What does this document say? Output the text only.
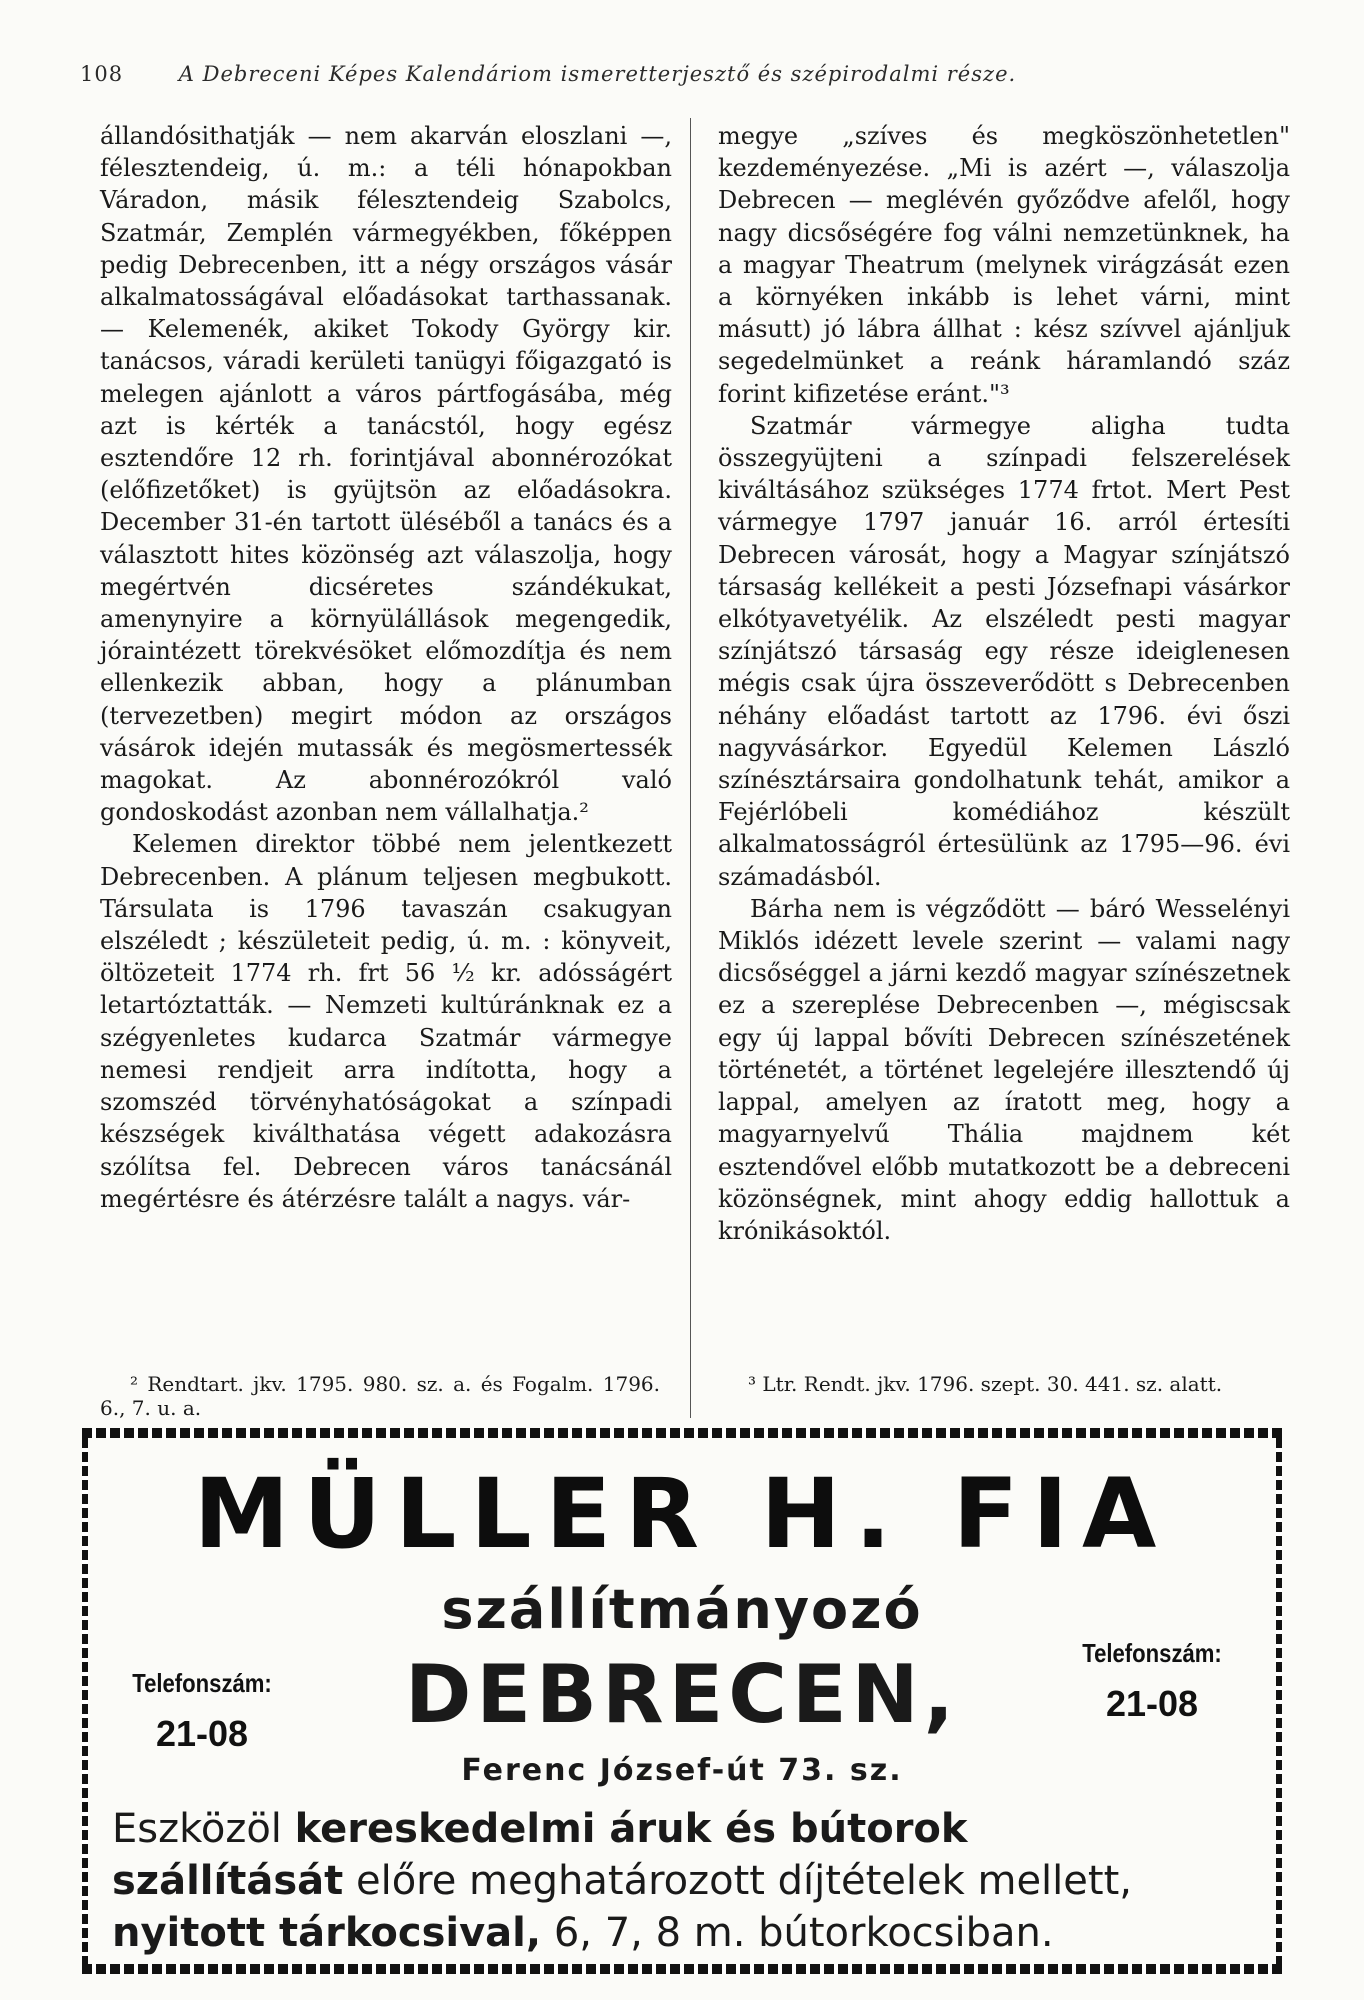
108	A Debreceni Képes Kalendáriom ismeretterjesztő és szépirodalmi része.

állandósithatják — nem akarván eloszlani —, félesztendeig, ú. m.: a téli hónapokban Váradon, másik félesztendeig Szabolcs, Szatmár, Zemplén vármegyékben, főképpen pedig Debrecenben, itt a négy országos vásár alkalmatosságával előadásokat tarthassanak. — Kelemenék, akiket Tokody György kir. tanácsos, váradi kerületi tanügyi főigazgató is melegen ajánlott a város pártfogásába, még azt is kérték a tanácstól, hogy egész esztendőre 12 rh. forintjával abonnérozókat (előfizetőket) is gyüjtsön az előadásokra. December 31-én tartott üléséből a tanács és a választott hites közönség azt válaszolja, hogy megértvén dicséretes szándékukat, amenynyire a környülállások megengedik, jóraintézett törekvésöket előmozdítja és nem ellenkezik abban, hogy a plánumban (tervezetben) megirt módon az országos vásárok idején mutassák és megösmertessék magokat. Az abonnérozókról való gondoskodást azonban nem vállalhatja.²

Kelemen direktor többé nem jelentkezett Debrecenben. A plánum teljesen megbukott. Társulata is 1796 tavaszán csakugyan elszéledt ; készületeit pedig, ú. m. : könyveit, öltözeteit 1774 rh. frt 56 ½ kr. adósságért letartóztatták. — Nemzeti kultúránknak ez a szégyenletes kudarca Szatmár vármegye nemesi rendjeit arra indította, hogy a szomszéd törvényhatóságokat a színpadi készségek kiválthatása végett adakozásra szólítsa fel. Debrecen város tanácsánál megértésre és átérzésre talált a nagys. vár-

megye „szíves és megköszönhetetlen" kezdeményezése. „Mi is azért —, válaszolja Debrecen — meglévén győződve afelől, hogy nagy dicsőségére fog válni nemzetünknek, ha a magyar Theatrum (melynek virágzását ezen a környéken inkább is lehet várni, mint másutt) jó lábra állhat : kész szívvel ajánljuk segedelmünket a reánk háramlandó száz forint kifizetése eránt."³

Szatmár vármegye aligha tudta összegyüjteni a színpadi felszerelések kiváltásához szükséges 1774 frtot. Mert Pest vármegye 1797 január 16. arról értesíti Debrecen városát, hogy a Magyar színjátszó társaság kellékeit a pesti Józsefnapi vásárkor elkótyavetyélik. Az elszéledt pesti magyar színjátszó társaság egy része ideiglenesen mégis csak újra összeverődött s Debrecenben néhány előadást tartott az 1796. évi őszi nagyvásárkor. Egyedül Kelemen László színésztársaira gondolhatunk tehát, amikor a Fejérlóbeli komédiához készült alkalmatosságról értesülünk az 1795—96. évi számadásból.

Bárha nem is végződött — báró Wesselényi Miklós idézett levele szerint — valami nagy dicsőséggel a járni kezdő magyar színészetnek ez a szereplése Debrecenben —, mégiscsak egy új lappal bővíti Debrecen színészetének történetét, a történet legelejére illesztendő új lappal, amelyen az íratott meg, hogy a magyarnyelvű Thália majdnem két esztendővel előbb mutatkozott be a debreceni közönségnek, mint ahogy eddig hallottuk a krónikásoktól.

² Rendtart. jkv. 1795. 980. sz. a. és Fogalm. 1796. 6., 7. u. a.
³ Ltr. Rendt. jkv. 1796. szept. 30. 441. sz. alatt.
MÜLLER H. FIA
szállítmányozó
DEBRECEN,
Telefonszám:
21-08
Telefonszám:
21-08
Ferenc József-út 73. sz.
Eszközöl kereskedelmi áruk és bútorok
szállítását előre meghatározott díjtételek mellett,
nyitott tárkocsival, 6, 7, 8 m. bútorkocsiban.
